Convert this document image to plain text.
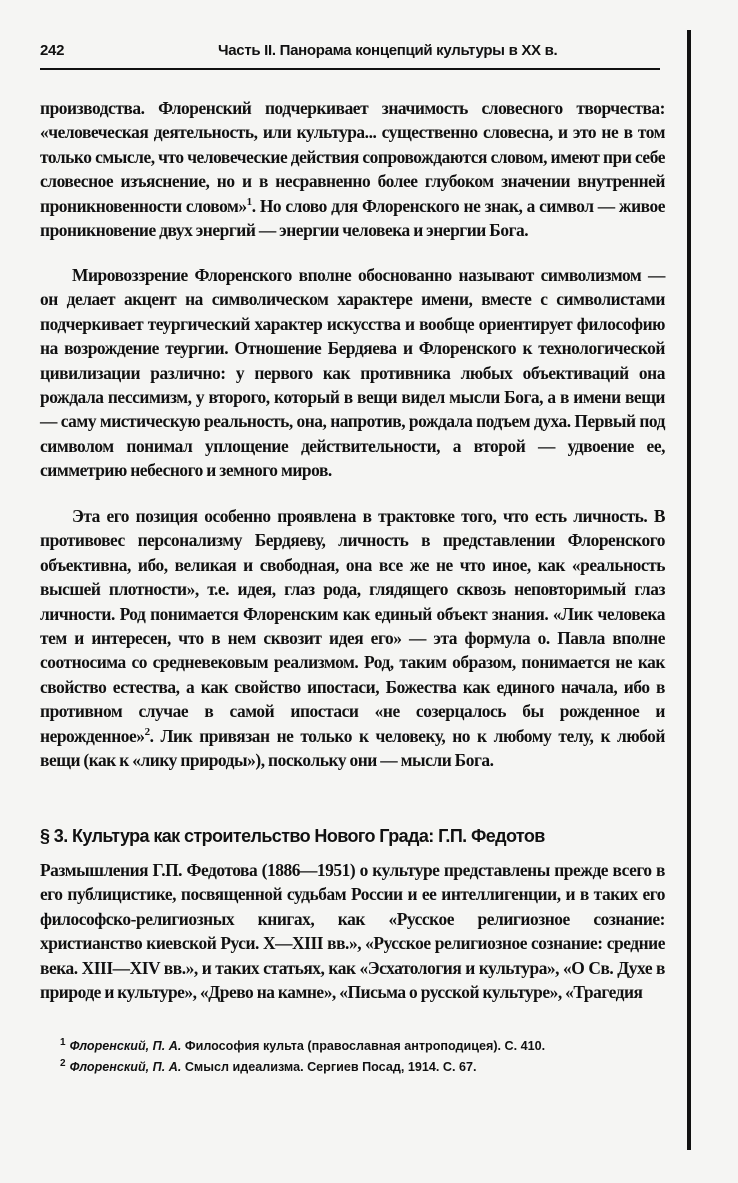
242	Часть II. Панорама концепций культуры в XX в.

производства. Флоренский подчеркивает значимость словесного творчества: «человеческая деятельность, или культура... существенно словесна, и это не в том только смысле, что человеческие действия сопровождаются словом, имеют при себе словесное изъяснение, но и в несравненно более глубоком значении внутренней проникновенности словом»$^1$. Но слово для Флоренского не знак, а символ — живое проникновение двух энергий — энергии человека и энергии Бога.

Мировоззрение Флоренского вполне обоснованно называют символизмом — он делает акцент на символическом характере имени, вместе с символистами подчеркивает теургический характер искусства и вообще ориентирует философию на возрождение теургии. Отношение Бердяева и Флоренского к технологической цивилизации различно: у первого как противника любых объективаций она рождала пессимизм, у второго, который в вещи видел мысли Бога, а в имени вещи — саму мистическую реальность, она, напротив, рождала подъем духа. Первый под символом понимал уплощение действительности, а второй — удвоение ее, симметрию небесного и земного миров.

Эта его позиция особенно проявлена в трактовке того, что есть личность. В противовес персонализму Бердяеву, личность в представлении Флоренского объективна, ибо, великая и свободная, она все же не что иное, как «реальность высшей плотности», т.е. идея, глаз рода, глядящего сквозь неповторимый глаз личности. Род понимается Флоренским как единый объект знания. «Лик человека тем и интересен, что в нем сквозит идея его» — эта формула о. Павла вполне соотносима со средневековым реализмом. Род, таким образом, понимается не как свойство естества, а как свойство ипостаси, Божества как единого начала, ибо в противном случае в самой ипостаси «не созерцалось бы рожденное и нерожденное»$^2$. Лик привязан не только к человеку, но к любому телу, к любой вещи (как к «лику природы»), поскольку они — мысли Бога.

§ 3. Культура как строительство Нового Града: Г.П. Федотов

Размышления Г.П. Федотова (1886—1951) о культуре представлены прежде всего в его публицистике, посвященной судьбам России и ее интеллигенции, и в таких его философско-религиозных книгах, как «Русское религиозное сознание: христианство киевской Руси. X—XIII вв.», «Русское религиозное сознание: средние века. XIII—XIV вв.», и таких статьях, как «Эсхатология и культура», «О Св. Духе в природе и культуре», «Древо на камне», «Письма о русской культуре», «Трагедия

$^1$ Флоренский, П. А. Философия культа (православная антроподицея). С. 410.
$^2$ Флоренский, П. А. Смысл идеализма. Сергиев Посад, 1914. С. 67.
